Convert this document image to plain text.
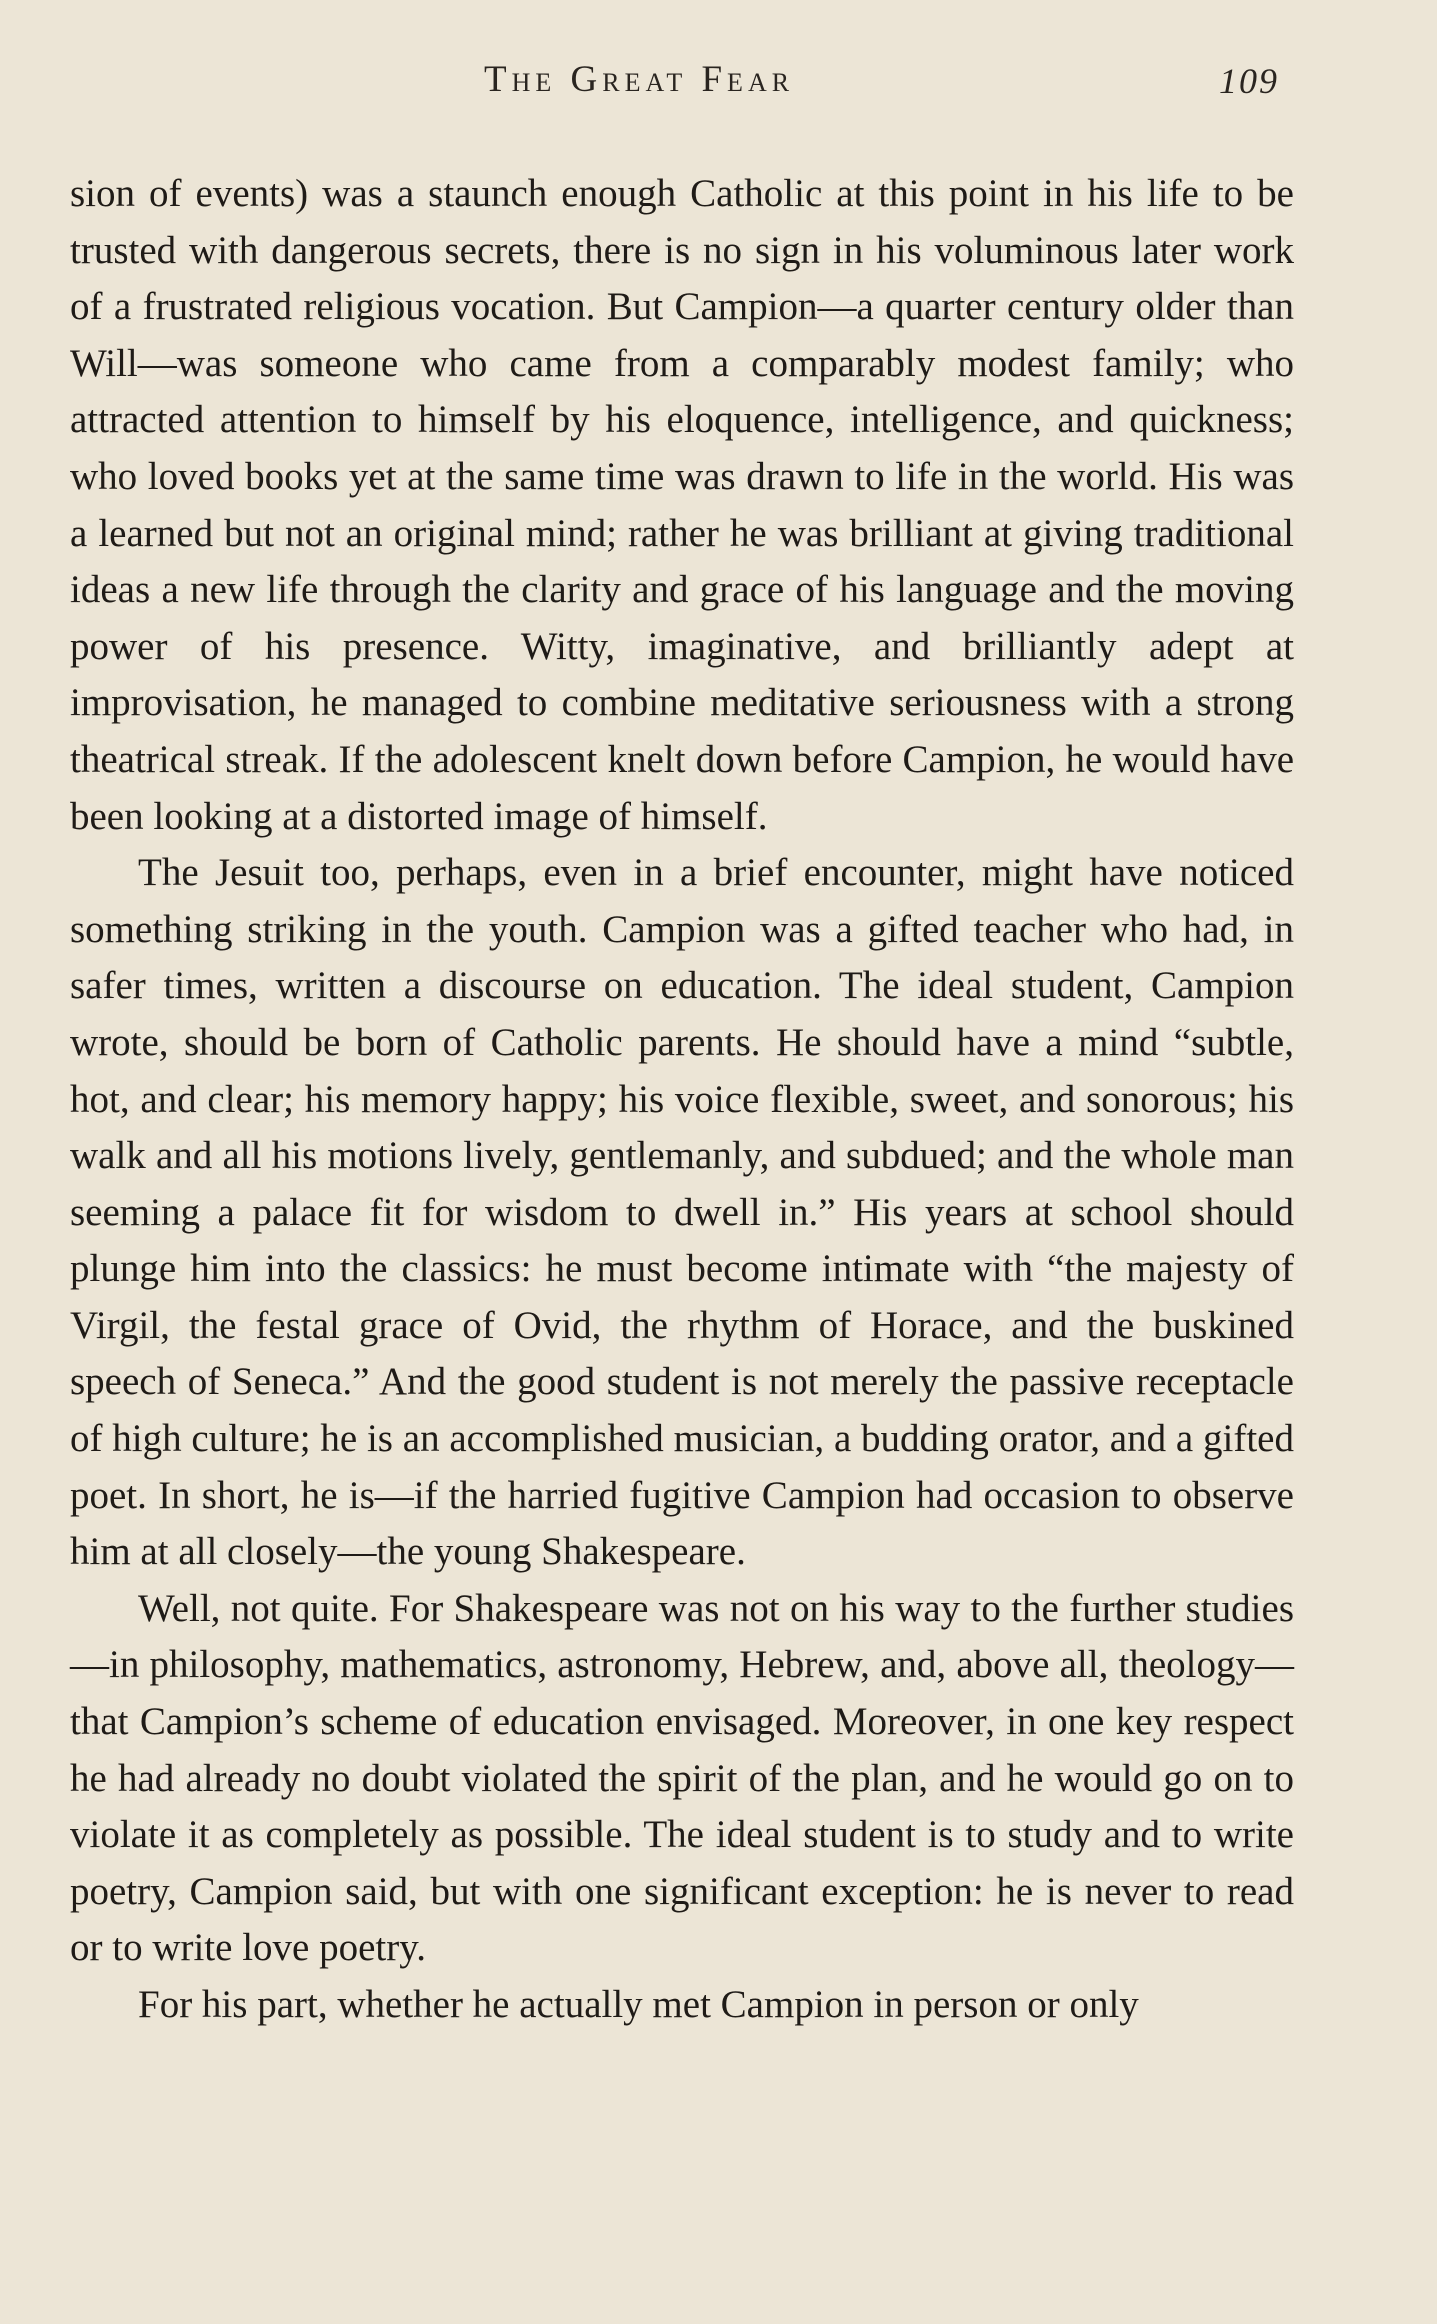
The Great Fear	109

sion of events) was a staunch enough Catholic at this point in his life to be trusted with dangerous secrets, there is no sign in his voluminous later work of a frustrated religious vocation. But Campion—a quarter century older than Will—was someone who came from a comparably modest family; who attracted attention to himself by his eloquence, intelligence, and quickness; who loved books yet at the same time was drawn to life in the world. His was a learned but not an original mind; rather he was brilliant at giving traditional ideas a new life through the clarity and grace of his language and the moving power of his presence. Witty, imaginative, and brilliantly adept at improvisation, he managed to combine meditative seriousness with a strong theatrical streak. If the adolescent knelt down before Campion, he would have been looking at a distorted image of himself.

The Jesuit too, perhaps, even in a brief encounter, might have noticed something striking in the youth. Campion was a gifted teacher who had, in safer times, written a discourse on education. The ideal student, Campion wrote, should be born of Catholic parents. He should have a mind “subtle, hot, and clear; his memory happy; his voice flexible, sweet, and sonorous; his walk and all his motions lively, gentlemanly, and subdued; and the whole man seeming a palace fit for wisdom to dwell in.” His years at school should plunge him into the classics: he must become intimate with “the majesty of Virgil, the festal grace of Ovid, the rhythm of Horace, and the buskined speech of Seneca.” And the good student is not merely the passive receptacle of high culture; he is an accomplished musician, a budding orator, and a gifted poet. In short, he is—if the harried fugitive Campion had occasion to observe him at all closely—the young Shakespeare.

Well, not quite. For Shakespeare was not on his way to the further studies—in philosophy, mathematics, astronomy, Hebrew, and, above all, theology—that Campion’s scheme of education envisaged. Moreover, in one key respect he had already no doubt violated the spirit of the plan, and he would go on to violate it as completely as possible. The ideal student is to study and to write poetry, Campion said, but with one significant exception: he is never to read or to write love poetry.

For his part, whether he actually met Campion in person or only
